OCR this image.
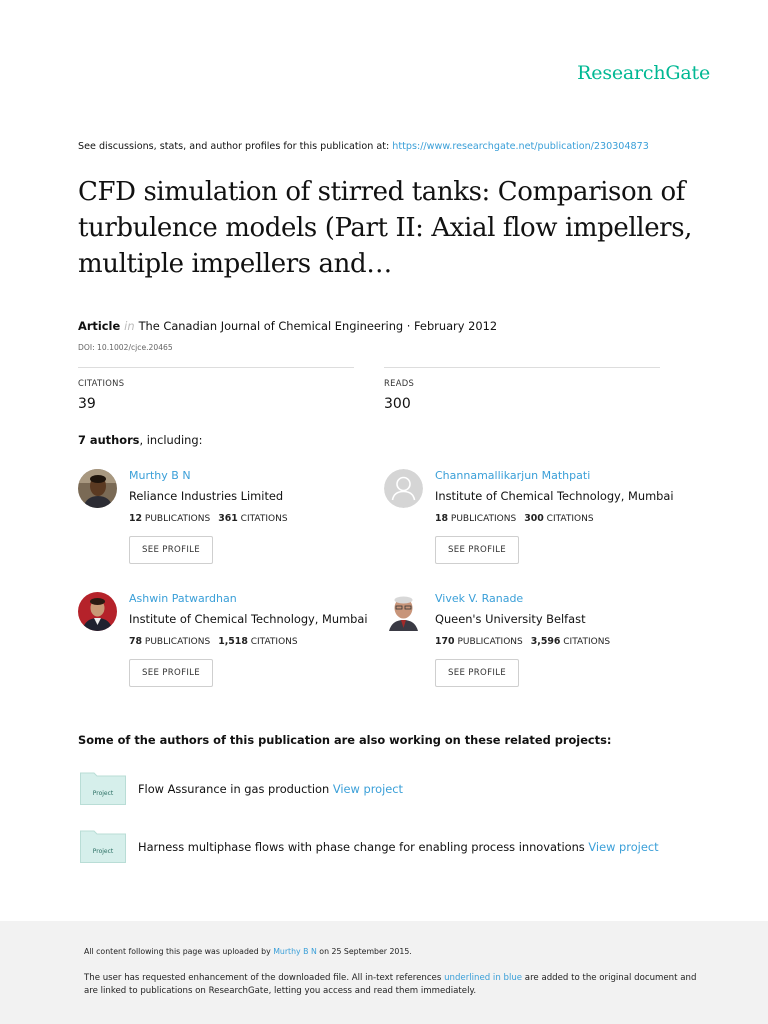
ResearchGate
See discussions, stats, and author profiles for this publication at: https://www.researchgate.net/publication/230304873
CFD simulation of stirred tanks: Comparison of turbulence models (Part II: Axial flow impellers, multiple impellers and…
Article in The Canadian Journal of Chemical Engineering · February 2012
DOI: 10.1002/cjce.20465
CITATIONS
39
READS
300
7 authors, including:
Murthy B N
Reliance Industries Limited
12 PUBLICATIONS 361 CITATIONS
SEE PROFILE
Channamallikarjun Mathpati
Institute of Chemical Technology, Mumbai
18 PUBLICATIONS 300 CITATIONS
SEE PROFILE
Ashwin Patwardhan
Institute of Chemical Technology, Mumbai
78 PUBLICATIONS 1,518 CITATIONS
SEE PROFILE
Vivek V. Ranade
Queen's University Belfast
170 PUBLICATIONS 3,596 CITATIONS
SEE PROFILE
Some of the authors of this publication are also working on these related projects:
Project Flow Assurance in gas production View project
Project Harness multiphase flows with phase change for enabling process innovations View project
All content following this page was uploaded by Murthy B N on 25 September 2015.
The user has requested enhancement of the downloaded file. All in-text references underlined in blue are added to the original document and are linked to publications on ResearchGate, letting you access and read them immediately.
